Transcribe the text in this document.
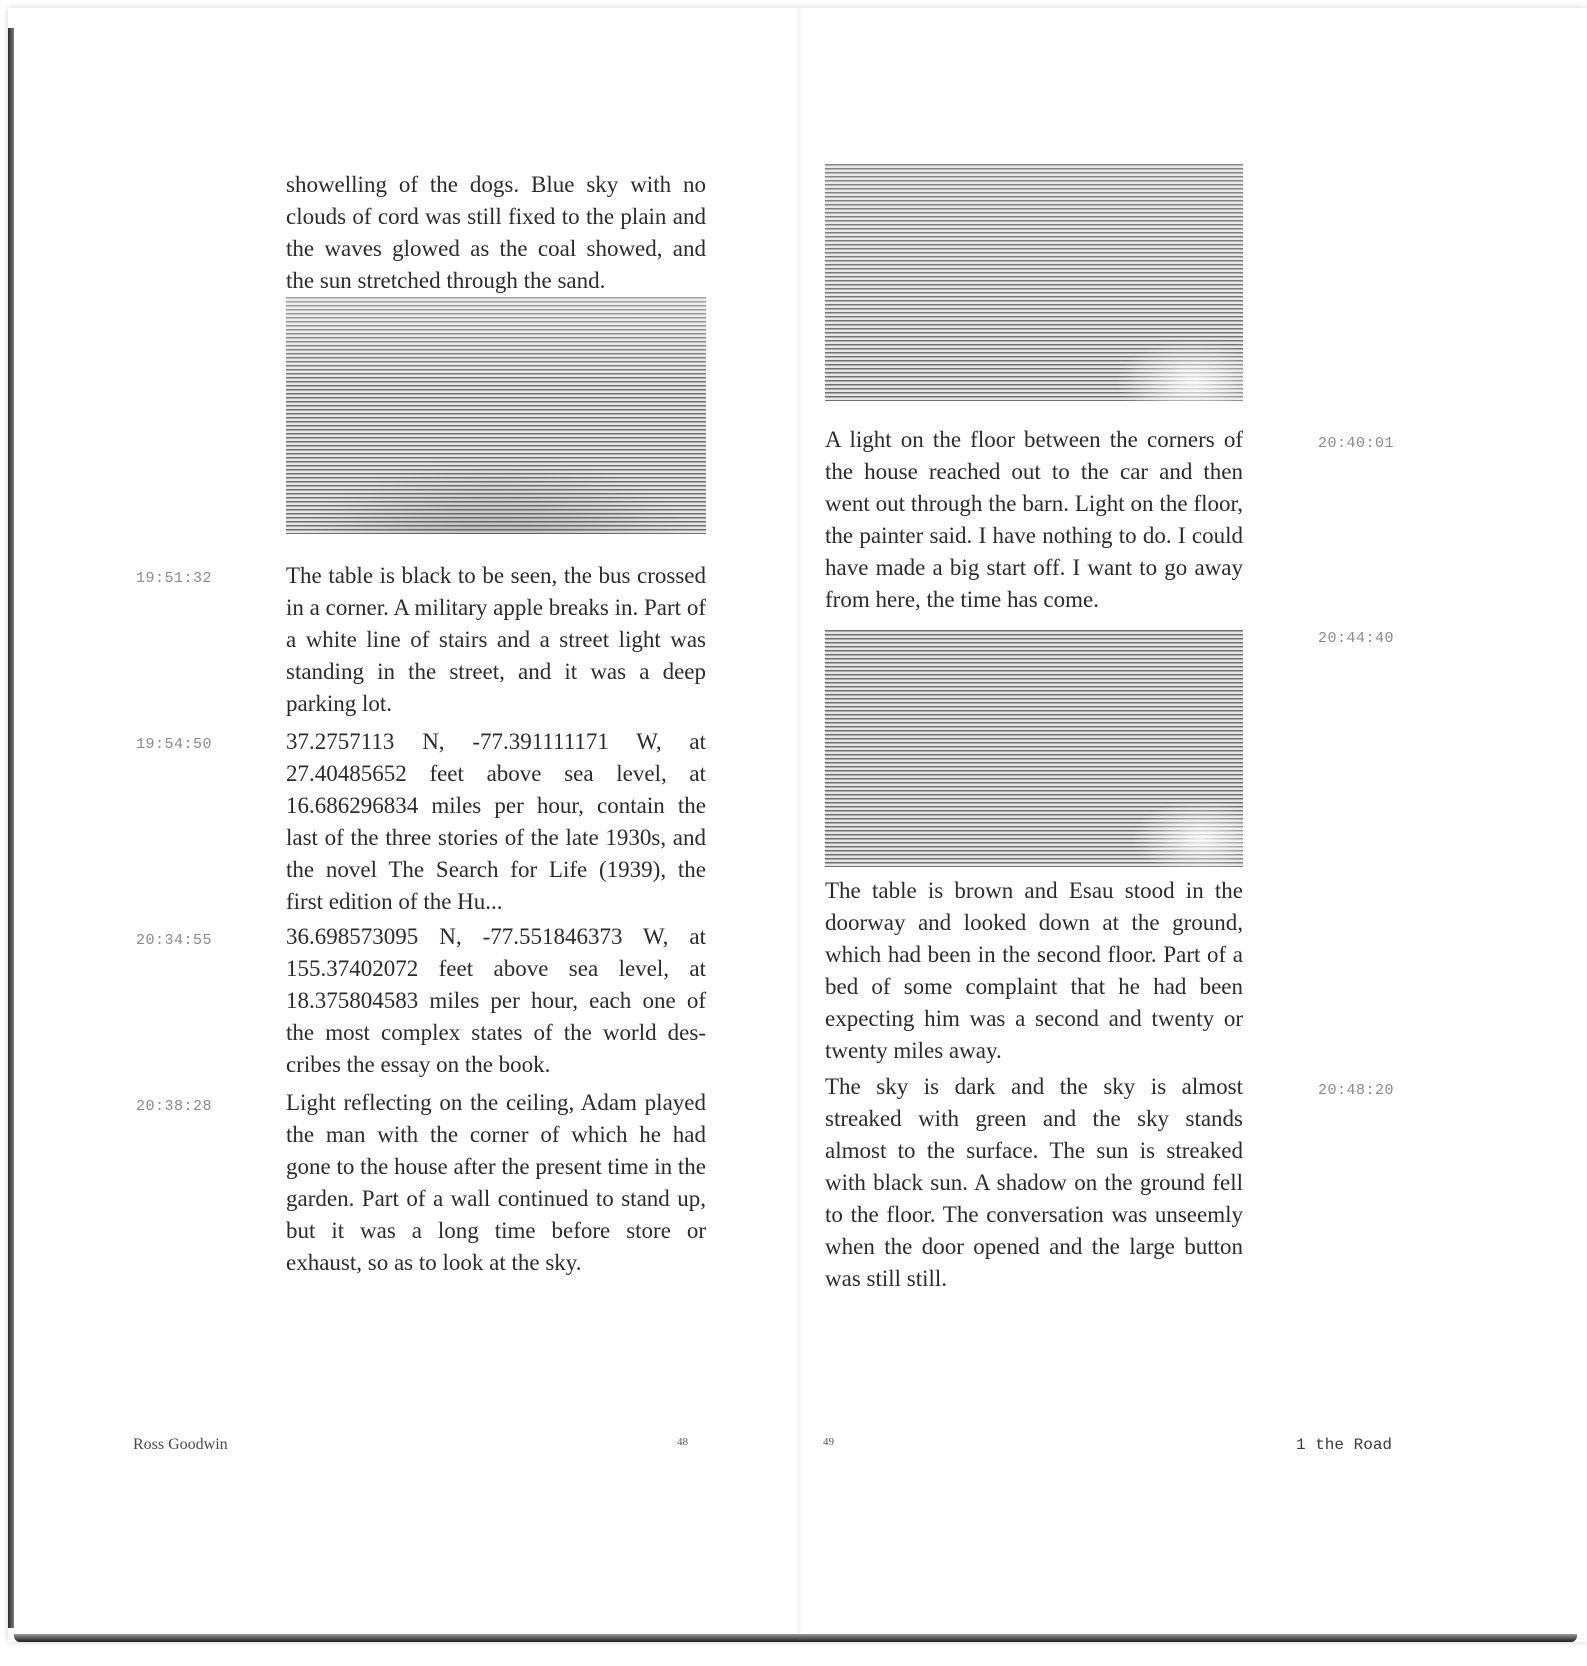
showelling of the dogs. Blue sky with no clouds of cord was still fixed to the plain and the waves glowed as the coal showed, and the sun stretched through the sand.

19:51:32	The table is black to be seen, the bus crossed in a corner. A military apple breaks in. Part of a white line of stairs and a street light was standing in the street, and it was a deep parking lot.

19:54:50	37.2757113 N, -77.391111171 W, at 27.40485652 feet above sea level, at 16.686296834 miles per hour, contain the last of the three stories of the late 1930s, and the novel The Search for Life (1939), the first edition of the Hu...

20:34:55	36.698573095 N, -77.551846373 W, at 155.37402072 feet above sea level, at 18.375804583 miles per hour, each one of the most complex states of the world des-cribes the essay on the book.

20:38:28	Light reflecting on the ceiling, Adam played the man with the corner of which he had gone to the house after the present time in the garden. Part of a wall continued to stand up, but it was a long time before store or exhaust, so as to look at the sky.

Ross Goodwin	48

A light on the floor between the corners of the house reached out to the car and then went out through the barn. Light on the floor, the painter said. I have nothing to do. I could have made a big start off. I want to go away from here, the time has come.

20:40:01
20:44:40

The table is brown and Esau stood in the doorway and looked down at the ground, which had been in the second floor. Part of a bed of some complaint that he had been expecting him was a second and twenty or twenty miles away.

The sky is dark and the sky is almost streaked with green and the sky stands almost to the surface. The sun is streaked with black sun. A shadow on the ground fell to the floor. The conversation was unseemly when the door opened and the large button was still still.

20:48:20
49	1 the Road
